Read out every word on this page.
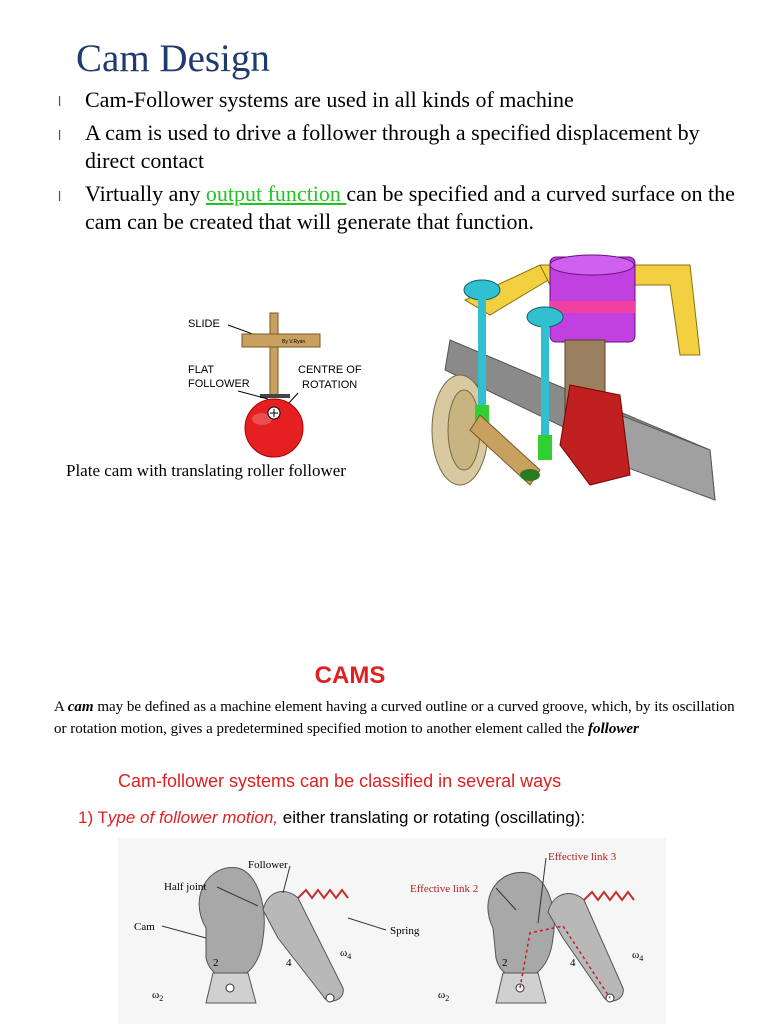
Cam Design
l Cam-Follower systems are used in all kinds of machine
l A cam is used to drive a follower through a specified displacement by direct contact
l Virtually any output function can be specified and a curved surface on the cam can be created that will generate that function.
SLIDE
By V.Ryan
FLAT
FOLLOWER
CENTRE OF
ROTATION
Plate cam with translating roller follower
CAMS
A cam may be defined as a machine element having a curved outline or a curved groove, which, by its oscillation or rotation motion, gives a predetermined specified motion to another element called the follower
Cam-follower systems can be classified in several ways
1) Type of follower motion, either translating or rotating (oscillating):
Follower
Half joint
Cam	Spring
2	4
$\omega_4$
$\omega_2$
Effective link 3
Effective link 2
2	4
$\omega_4$
$\omega_2$
